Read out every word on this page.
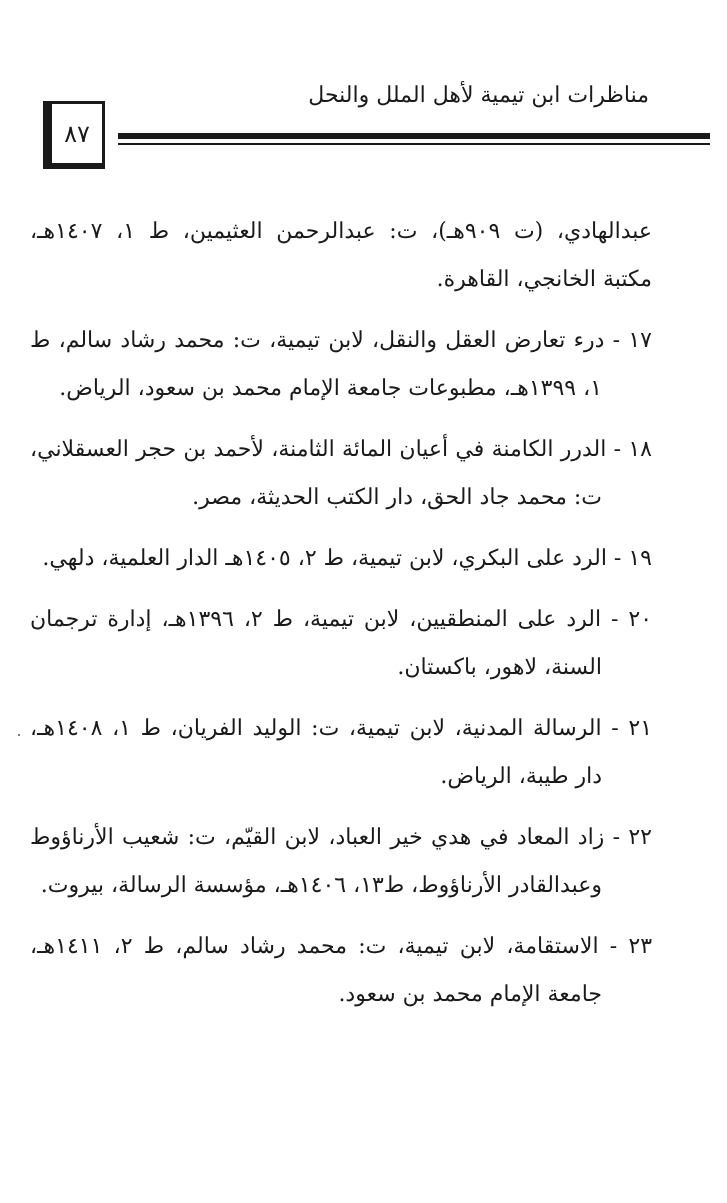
مناظرات ابن تيمية لأهل الملل والنحل
٨٧

عبدالهادي، (ت ٩٠٩هـ)، ت: عبدالرحمن العثيمين، ط ١، ١٤٠٧هـ، مكتبة الخانجي، القاهرة.

١٧ - درء تعارض العقل والنقل، لابن تيمية، ت: محمد رشاد سالم، ط ١، ١٣٩٩هـ، مطبوعات جامعة الإمام محمد بن سعود، الرياض.

١٨ - الدرر الكامنة في أعيان المائة الثامنة، لأحمد بن حجر العسقلاني، ت: محمد جاد الحق، دار الكتب الحديثة، مصر.

١٩ - الرد على البكري، لابن تيمية، ط ٢، ١٤٠٥هـ الدار العلمية، دلهي.

٢٠ - الرد على المنطقيين، لابن تيمية، ط ٢، ١٣٩٦هـ، إدارة ترجمان السنة، لاهور، باكستان.

٢١ - الرسالة المدنية، لابن تيمية، ت: الوليد الفريان، ط ١، ١٤٠٨هـ، دار طيبة، الرياض.

٢٢ - زاد المعاد في هدي خير العباد، لابن القيّم، ت: شعيب الأرناؤوط وعبدالقادر الأرناؤوط، ط١٣، ١٤٠٦هـ، مؤسسة الرسالة، بيروت.

٢٣ - الاستقامة، لابن تيمية، ت: محمد رشاد سالم، ط ٢، ١٤١١هـ، جامعة الإمام محمد بن سعود.
